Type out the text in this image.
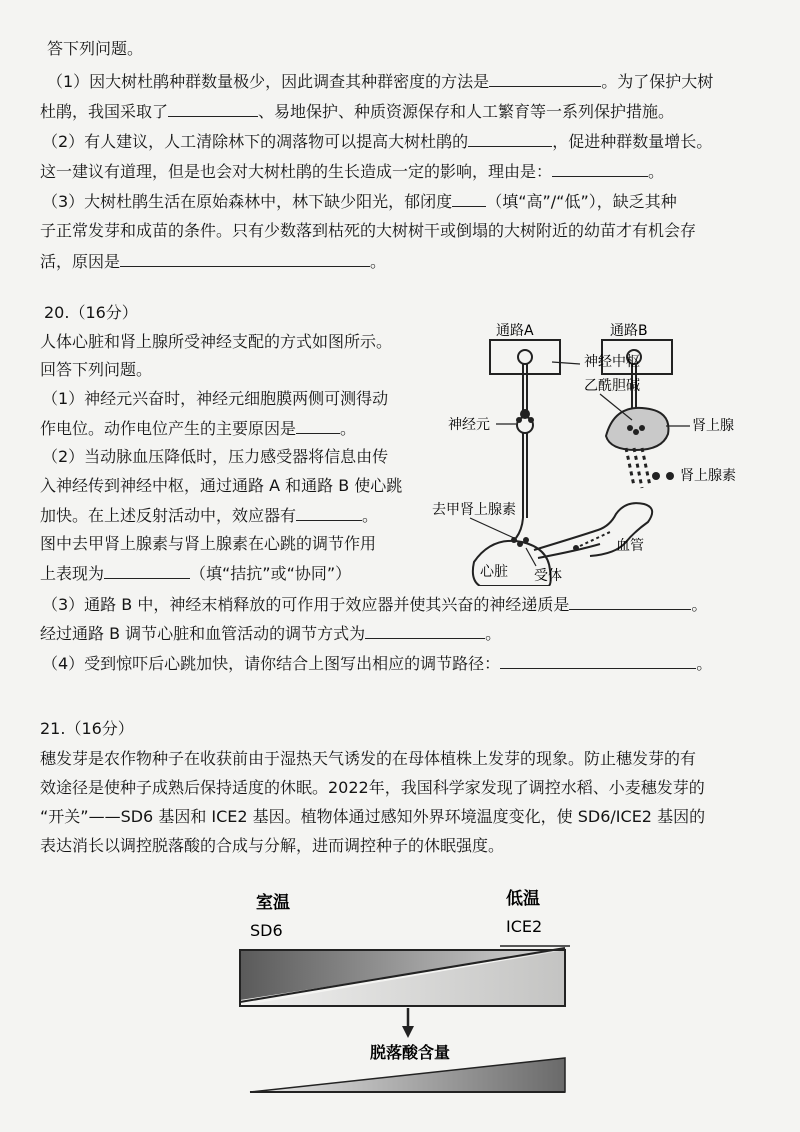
答下列问题。
（1）因大树杜鹃种群数量极少，因此调查其种群密度的方法是	。为了保护大树
杜鹃，我国采取了	、易地保护、种质资源保存和人工繁育等一系列保护措施。
（2）有人建议，人工清除林下的凋落物可以提高大树杜鹃的	，促进种群数量增长。
这一建议有道理，但是也会对大树杜鹃的生长造成一定的影响，理由是：	。
（3）大树杜鹃生活在原始森林中，林下缺少阳光，郁闭度 （填“高”/“低”），缺乏其种
子正常发芽和成苗的条件。只有少数落到枯死的大树树干或倒塌的大树附近的幼苗才有机会存
活，原因是	。
20.（16分）
人体心脏和肾上腺所受神经支配的方式如图所示。
回答下列问题。
（1）神经元兴奋时，神经元细胞膜两侧可测得动
作电位。动作电位产生的主要原因是	。
（2）当动脉血压降低时，压力感受器将信息由传
入神经传到神经中枢，通过通路 A 和通路 B 使心跳
加快。在上述反射活动中，效应器有	。
图中去甲肾上腺素与肾上腺素在心跳的调节作用
上表现为	（填“拮抗”或“协同”）
（3）通路 B 中，神经末梢释放的可作用于效应器并使其兴奋的神经递质是	。
经过通路 B 调节心脏和血管活动的调节方式为	。
（4）受到惊吓后心跳加快，请你结合上图写出相应的调节路径：	。
通路A	通路B
神经中枢
乙酰胆碱
神经元	肾上腺
肾上腺素
去甲肾上腺素
血管
心脏 受体
21.（16分）
穗发芽是农作物种子在收获前由于湿热天气诱发的在母体植株上发芽的现象。防止穗发芽的有
效途径是使种子成熟后保持适度的休眠。2022年，我国科学家发现了调控水稻、小麦穗发芽的
“开关”——SD6 基因和 ICE2 基因。植物体通过感知外界环境温度变化，使 SD6/ICE2 基因的
表达消长以调控脱落酸的合成与分解，进而调控种子的休眠强度。
室温
SD6
低温
ICE2
脱落酸含量
